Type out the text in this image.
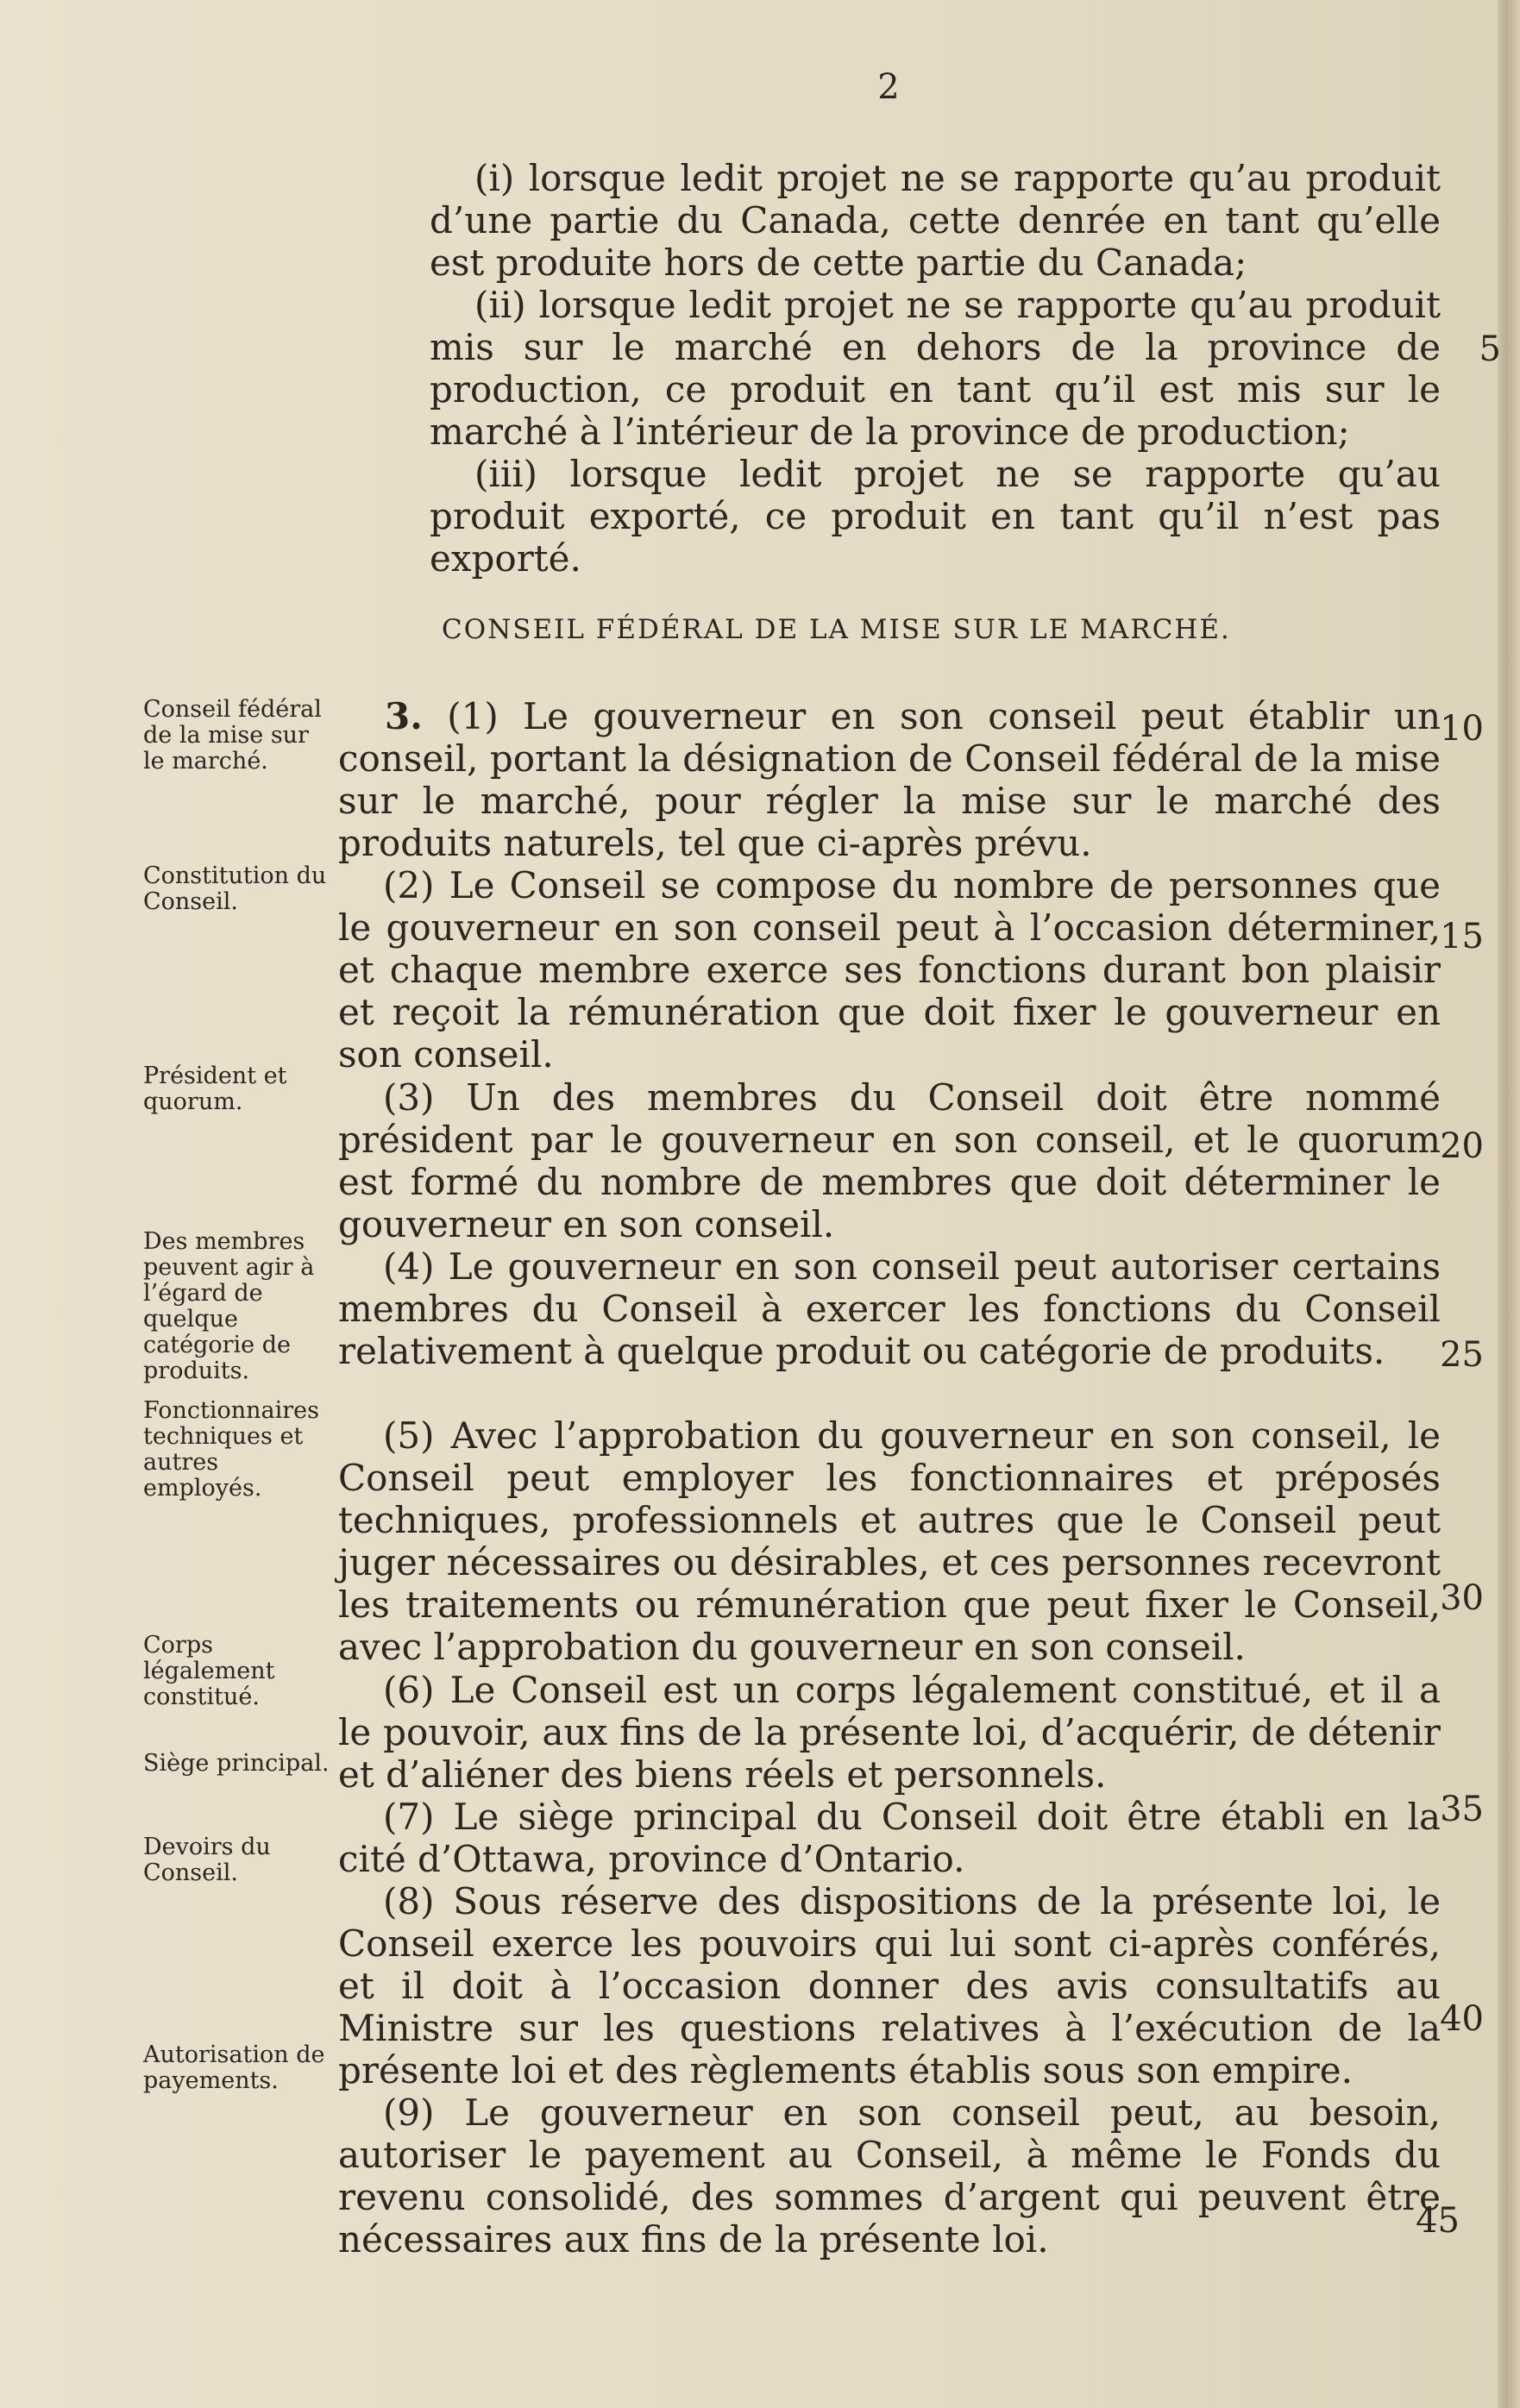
2

(i) lorsque ledit projet ne se rapporte qu’au produit d’une partie du Canada, cette denrée en tant qu’elle est produite hors de cette partie du Canada;

(ii) lorsque ledit projet ne se rapporte qu’au produit mis sur le marché en dehors de la province de production, ce produit en tant qu’il est mis sur le marché à l’intérieur de la province de production;

(iii) lorsque ledit projet ne se rapporte qu’au produit exporté, ce produit en tant qu’il n’est pas exporté.

CONSEIL FÉDÉRAL DE LA MISE SUR LE MARCHÉ.

3. (1) Le gouverneur en son conseil peut établir un conseil, portant la désignation de Conseil fédéral de la mise sur le marché, pour régler la mise sur le marché des produits naturels, tel que ci-après prévu.

(2) Le Conseil se compose du nombre de personnes que le gouverneur en son conseil peut à l’occasion déterminer, et chaque membre exerce ses fonctions durant bon plaisir et reçoit la rémunération que doit fixer le gouverneur en son conseil.

(3) Un des membres du Conseil doit être nommé président par le gouverneur en son conseil, et le quorum est formé du nombre de membres que doit déterminer le gouverneur en son conseil.

(4) Le gouverneur en son conseil peut autoriser certains membres du Conseil à exercer les fonctions du Conseil relativement à quelque produit ou catégorie de produits.

(5) Avec l’approbation du gouverneur en son conseil, le Conseil peut employer les fonctionnaires et préposés techniques, professionnels et autres que le Conseil peut juger nécessaires ou désirables, et ces personnes recevront les traitements ou rémunération que peut fixer le Conseil, avec l’approbation du gouverneur en son conseil.

(6) Le Conseil est un corps légalement constitué, et il a le pouvoir, aux fins de la présente loi, d’acquérir, de détenir et d’aliéner des biens réels et personnels.

(7) Le siège principal du Conseil doit être établi en la cité d’Ottawa, province d’Ontario.

(8) Sous réserve des dispositions de la présente loi, le Conseil exerce les pouvoirs qui lui sont ci-après conférés, et il doit à l’occasion donner des avis consultatifs au Ministre sur les questions relatives à l’exécution de la présente loi et des règlements établis sous son empire.

(9) Le gouverneur en son conseil peut, au besoin, autoriser le payement au Conseil, à même le Fonds du revenu consolidé, des sommes d’argent qui peuvent être nécessaires aux fins de la présente loi.

Conseil fédéral de la mise sur le marché.
Constitution du Conseil.
Président et quorum.
Des membres peuvent agir à l’égard de quelque catégorie de produits.
Fonctionnaires techniques et autres employés.
Corps légalement constitué.
Siège principal.
Devoirs du Conseil.
Autorisation de payements.
5
10
15
20
25
30
35
40
45
